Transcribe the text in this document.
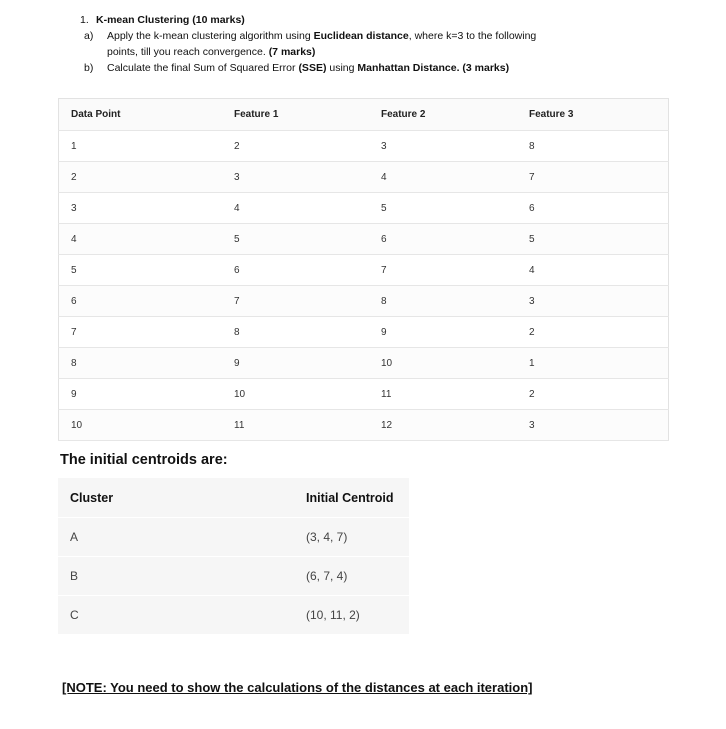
1. K-mean Clustering (10 marks)
a) Apply the k-mean clustering algorithm using Euclidean distance, where k=3 to the following
points, till you reach convergence. (7 marks)
b) Calculate the final Sum of Squared Error (SSE) using Manhattan Distance. (3 marks)
Data Point	Feature 1	Feature 2	Feature 3
1	2	3	8
2	3	4	7
3	4	5	6
4	5	6	5
5	6	7	4
6	7	8	3
7	8	9	2
8	9	10	1
9	10	11	2
10	11	12	3
The initial centroids are:
Cluster	Initial Centroid
A	(3, 4, 7)
B	(6, 7, 4)
C	(10, 11, 2)
[NOTE: You need to show the calculations of the distances at each iteration]
